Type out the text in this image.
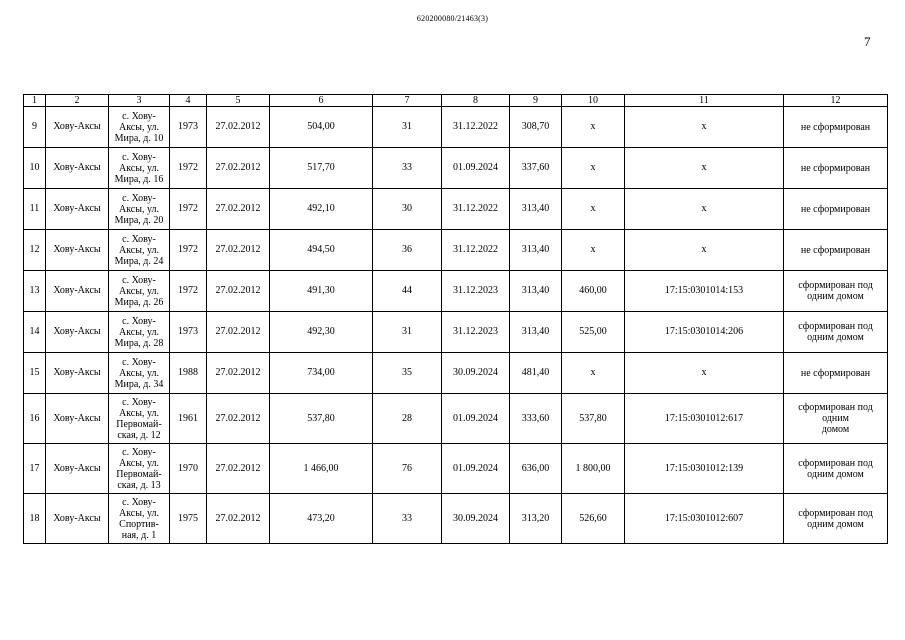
620200080/21463(3)
7
1	2	3	4	5	6	7	8	9	10	11	12
9	Хову-Аксы	с. Хову-
Аксы, ул.
Мира, д. 10	1973	27.02.2012	504,00	31	31.12.2022	308,70	x	x	не сформирован
10	Хову-Аксы	с. Хову-
Аксы, ул.
Мира, д. 16	1972	27.02.2012	517,70	33	01.09.2024	337,60	x	x	не сформирован
11	Хову-Аксы	с. Хову-
Аксы, ул.
Мира, д. 20	1972	27.02.2012	492,10	30	31.12.2022	313,40	x	x	не сформирован
12	Хову-Аксы	с. Хову-
Аксы, ул.
Мира, д. 24	1972	27.02.2012	494,50	36	31.12.2022	313,40	x	x	не сформирован
13	Хову-Аксы	с. Хову-
Аксы, ул.
Мира, д. 26	1972	27.02.2012	491,30	44	31.12.2023	313,40	460,00	17:15:0301014:153	сформирован под
одним домом
14	Хову-Аксы	с. Хову-
Аксы, ул.
Мира, д. 28	1973	27.02.2012	492,30	31	31.12.2023	313,40	525,00	17:15:0301014:206	сформирован под
одним домом
15	Хову-Аксы	с. Хову-
Аксы, ул.
Мира, д. 34	1988	27.02.2012	734,00	35	30.09.2024	481,40	x	x	не сформирован
16	Хову-Аксы	с. Хову-
Аксы, ул.
Первомай-
ская, д. 12	1961	27.02.2012	537,80	28	01.09.2024	333,60	537,80	17:15:0301012:617	сформирован под одним
домом
17	Хову-Аксы	с. Хову-
Аксы, ул.
Первомай-
ская, д. 13	1970	27.02.2012	1 466,00	76	01.09.2024	636,00	1 800,00	17:15:0301012:139	сформирован под
одним домом
18	Хову-Аксы	с. Хову-
Аксы, ул.
Спортив-
ная, д. 1	1975	27.02.2012	473,20	33	30.09.2024	313,20	526,60	17:15:0301012:607	сформирован под
одним домом
